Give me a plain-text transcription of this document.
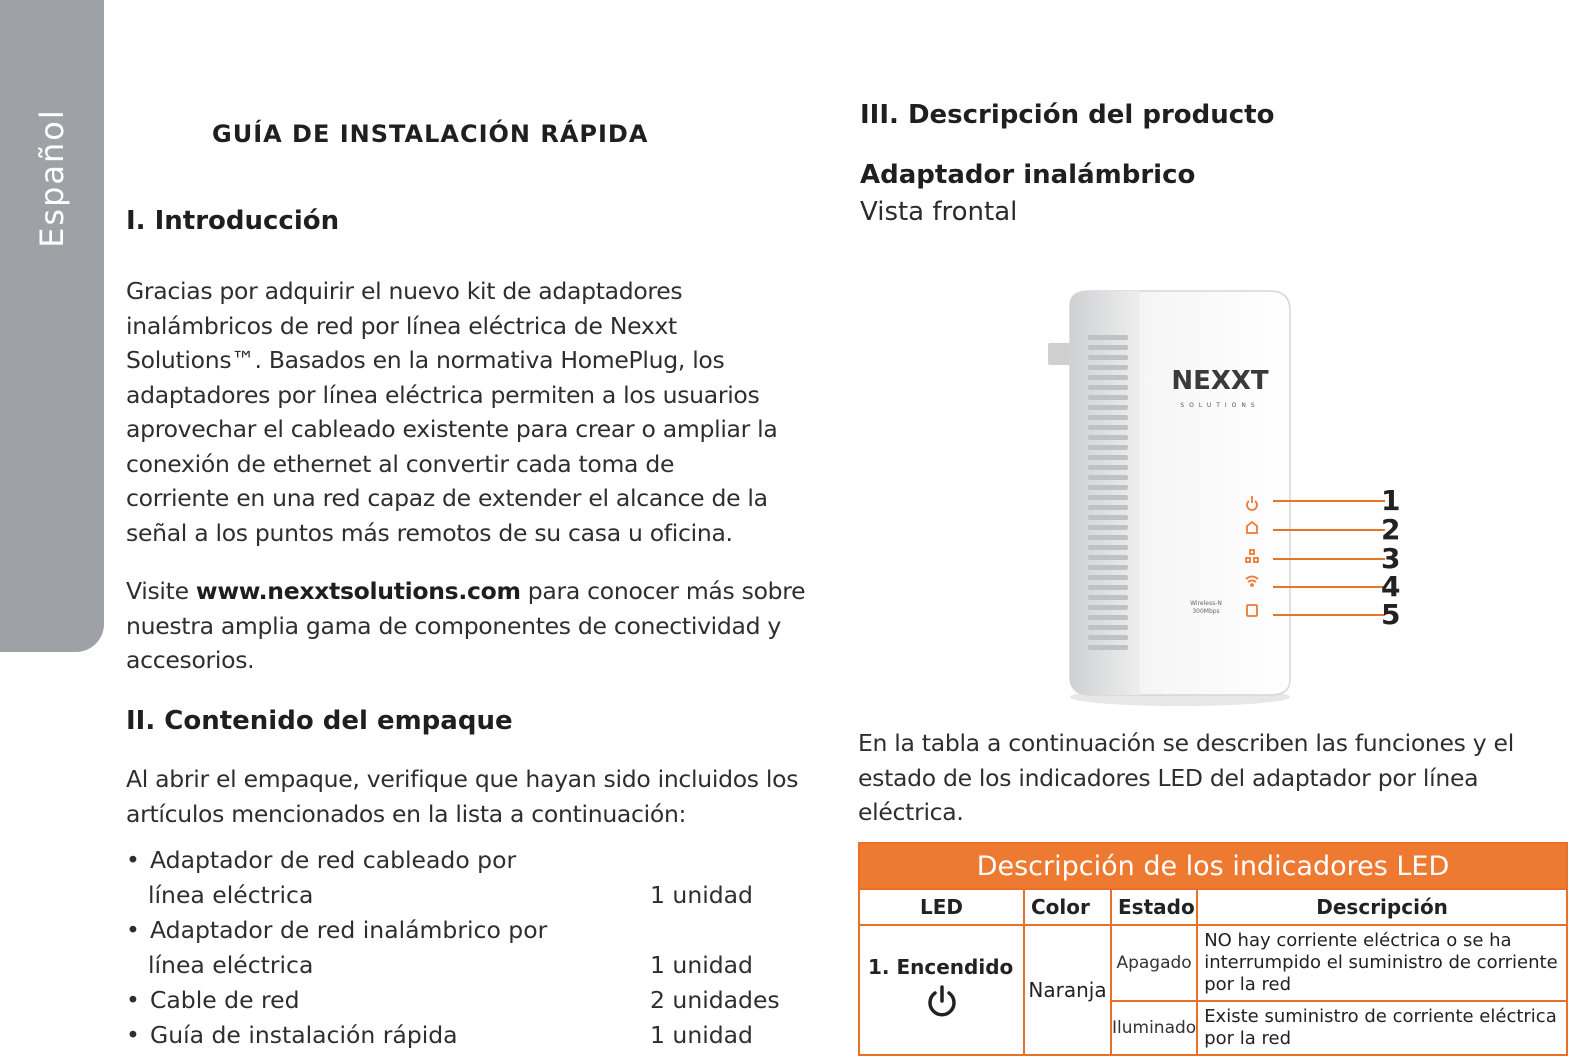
Español	GUÍA DE INSTALACIÓN RÁPIDA
I. Introducción
Gracias por adquirir el nuevo kit de adaptadores
inalámbricos de red por línea eléctrica de Nexxt
Solutions™. Basados en la normativa HomePlug, los
adaptadores por línea eléctrica permiten a los usuarios
aprovechar el cableado existente para crear o ampliar la
conexión de ethernet al convertir cada toma de
corriente en una red capaz de extender el alcance de la
señal a los puntos más remotos de su casa u oficina.
Visite www.nexxtsolutions.com para conocer más sobre
nuestra amplia gama de componentes de conectividad y
accesorios.
II. Contenido del empaque
Al abrir el empaque, verifique que hayan sido incluidos los
artículos mencionados en la lista a continuación:
• Adaptador de red cableado por
línea eléctrica	1 unidad
• Adaptador de red inalámbrico por
línea eléctrica	1 unidad
• Cable de red	2 unidades
• Guía de instalación rápida	1 unidad
III. Descripción del producto
Adaptador inalámbrico
Vista frontal
NEXXT
SOLUTIONS
Wireless-N
300Mbps
1
2
3
4
5
En la tabla a continuación se describen las funciones y el
estado de los indicadores LED del adaptador por línea
eléctrica.
Descripción de los indicadores LED			
LED	Color	Estado	Descripción

1. Encendido	Naranja	Apagado	NO hay corriente eléctrica o se ha interrumpido el suministro de corriente por la red
		Iluminado	Existe suministro de corriente eléctrica por la red
